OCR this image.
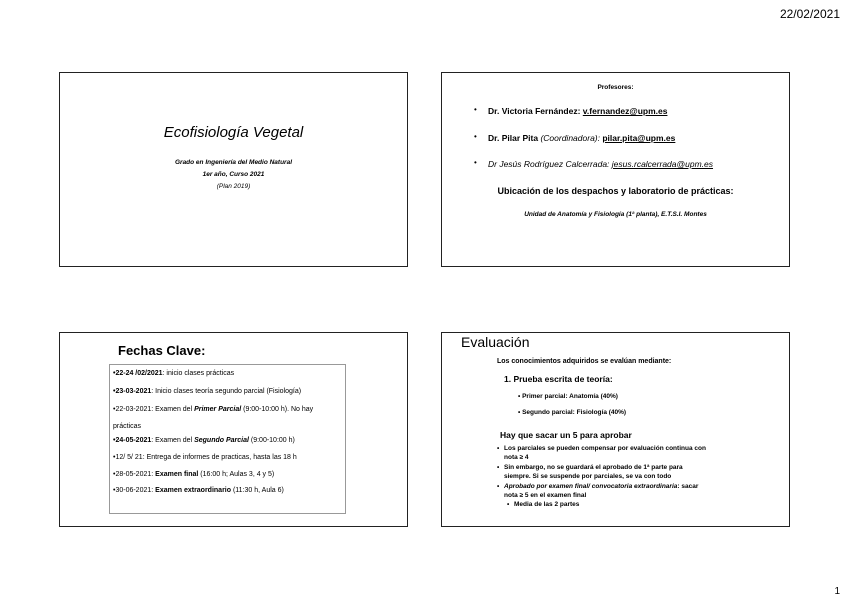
22/02/2021
Ecofisiología Vegetal
Grado en Ingeniería del Medio Natural
1er año, Curso 2021
(Plan 2019)
Profesores:
• Dr. Victoria Fernández: v.fernandez@upm.es
• Dr. Pilar Pita (Coordinadora): pilar.pita@upm.es
• Dr Jesús Rodríguez Calcerrada: jesus.rcalcerrada@upm.es
Ubicación de los despachos y laboratorio de prácticas:
Unidad de Anatomía y Fisiología (1ª planta), E.T.S.I. Montes
Fechas Clave:
•22-24 /02/2021: inicio clases prácticas
•23-03-2021: Inicio clases teoría segundo parcial (Fisiología)
•22-03-2021: Examen del Primer Parcial (9:00-10:00 h). No hay
prácticas
•24-05-2021: Examen del Segundo Parcial (9:00-10:00 h)
•12/ 5/ 21: Entrega de informes de practicas, hasta las 18 h
•28-05-2021: Examen final (16:00 h; Aulas 3, 4 y 5)
•30-06-2021: Examen extraordinario (11:30 h, Aula 6)
Evaluación
Los conocimientos adquiridos se evalúan mediante:
1. Prueba escrita de teoría:
• Primer parcial: Anatomía (40%)
• Segundo parcial: Fisiología (40%)
Hay que sacar un 5 para aprobar
• Los parciales se pueden compensar por evaluación continua con
nota ≥ 4
• Sin embargo, no se guardará el aprobado de 1ª parte para
siempre. Si se suspende por parciales, se va con todo
• Aprobado por examen final/ convocatoria extraordinaria: sacar
nota ≥ 5 en el examen final
• Media de las 2 partes
1
